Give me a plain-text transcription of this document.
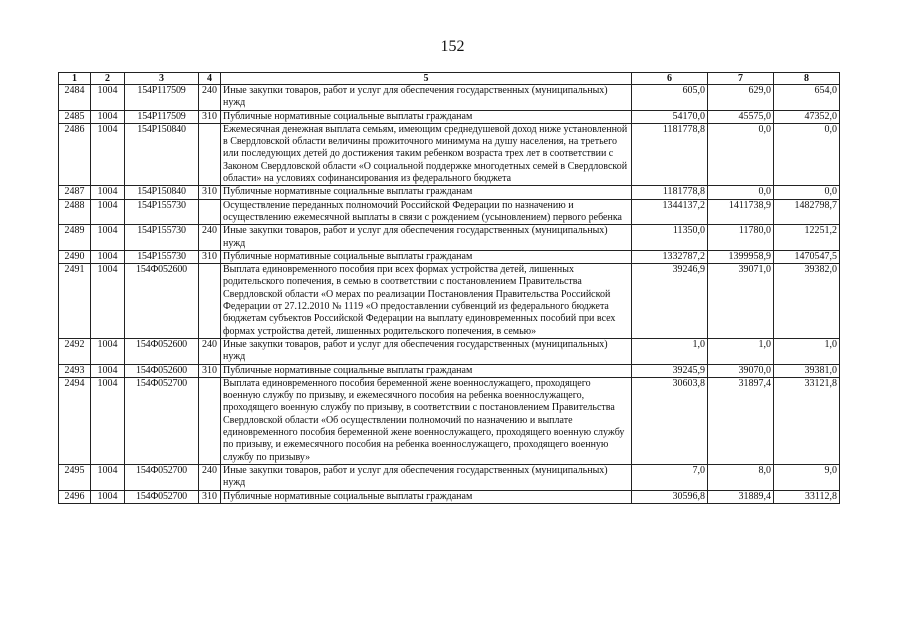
152
1	2	3	4	5	6	7	8
2484	1004	154Р117509	240	Иные закупки товаров, работ и услуг для обеспечения государственных (муниципальных) нужд	605,0	629,0	654,0
2485	1004	154Р117509	310	Публичные нормативные социальные выплаты гражданам	54170,0	45575,0	47352,0
2486	1004	154Р150840		Ежемесячная денежная выплата семьям, имеющим среднедушевой доход ниже установленной в Свердловской области величины прожиточного минимума на душу населения, на третьего или последующих детей до достижения таким ребенком возраста трех лет в соответствии с Законом Свердловской области «О социальной поддержке многодетных семей в Свердловской области» на условиях софинансирования из федерального бюджета	1181778,8	0,0	0,0
2487	1004	154Р150840	310	Публичные нормативные социальные выплаты гражданам	1181778,8	0,0	0,0
2488	1004	154Р155730		Осуществление переданных полномочий Российской Федерации по назначению и осуществлению ежемесячной выплаты в связи с рождением (усыновлением) первого ребенка	1344137,2	1411738,9	1482798,7
2489	1004	154Р155730	240	Иные закупки товаров, работ и услуг для обеспечения государственных (муниципальных) нужд	11350,0	11780,0	12251,2
2490	1004	154Р155730	310	Публичные нормативные социальные выплаты гражданам	1332787,2	1399958,9	1470547,5
2491	1004	154Ф052600		Выплата единовременного пособия при всех формах устройства детей, лишенных родительского попечения, в семью в соответствии с постановлением Правительства Свердловской области «О мерах по реализации Постановления Правительства Российской Федерации от 27.12.2010 № 1119 «О предоставлении субвенций из федерального бюджета бюджетам субъектов Российской Федерации на выплату единовременных пособий при всех формах устройства детей, лишенных родительского попечения, в семью»	39246,9	39071,0	39382,0
2492	1004	154Ф052600	240	Иные закупки товаров, работ и услуг для обеспечения государственных (муниципальных) нужд	1,0	1,0	1,0
2493	1004	154Ф052600	310	Публичные нормативные социальные выплаты гражданам	39245,9	39070,0	39381,0
2494	1004	154Ф052700		Выплата единовременного пособия беременной жене военнослужащего, проходящего военную службу по призыву, и ежемесячного пособия на ребенка военнослужащего, проходящего военную службу по призыву, в соответствии с постановлением Правительства Свердловской области «Об осуществлении полномочий по назначению и выплате единовременного пособия беременной жене военнослужащего, проходящего военную службу по призыву, и ежемесячного пособия на ребенка военнослужащего, проходящего военную службу по призыву»	30603,8	31897,4	33121,8
2495	1004	154Ф052700	240	Иные закупки товаров, работ и услуг для обеспечения государственных (муниципальных) нужд	7,0	8,0	9,0
2496	1004	154Ф052700	310	Публичные нормативные социальные выплаты гражданам	30596,8	31889,4	33112,8
